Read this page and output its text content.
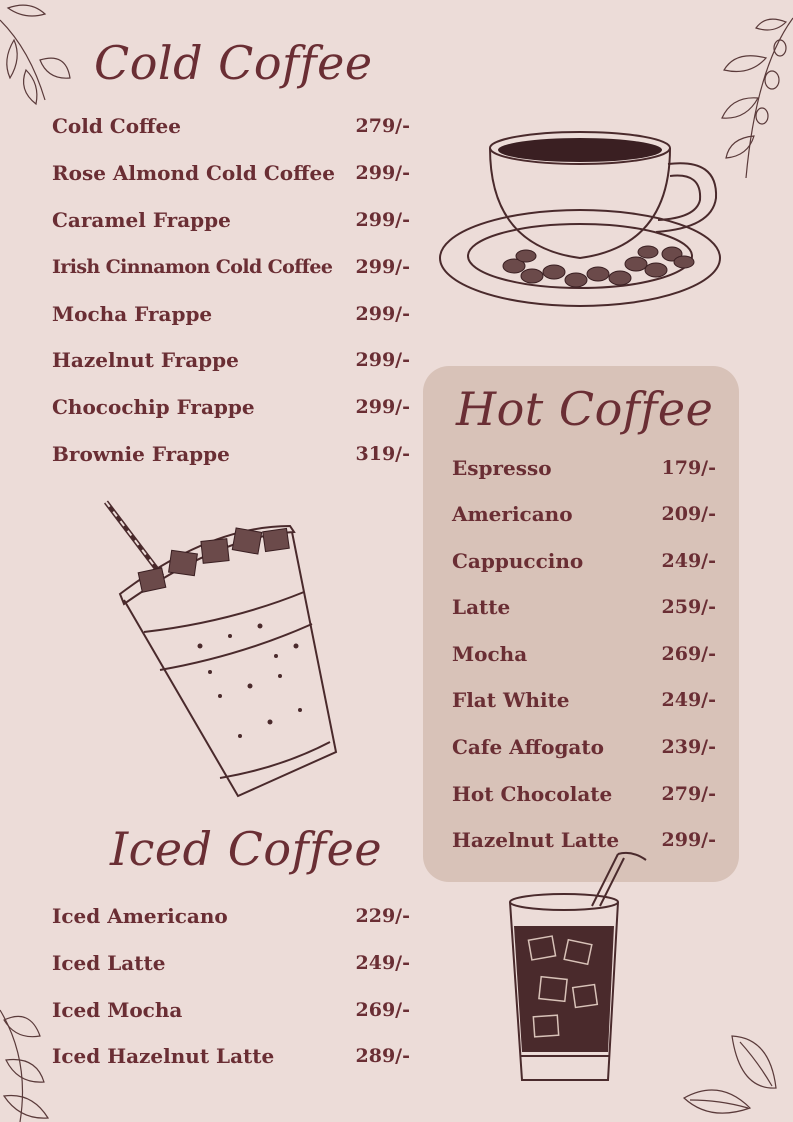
Cold Coffee
Cold Coffee	279/-
Rose Almond Cold Coffee 299/-
Caramel Frappe	299/-
Irish Cinnamon Cold Coffee 299/-
Mocha Frappe	299/-
Hazelnut Frappe	299/-
Chocochip Frappe	299/-
Brownie Frappe	319/-
Hot Coffee
Espresso	179/-
Americano	209/-
Cappuccino	249/-
Latte	259/-
Mocha	269/-
Flat White	249/-
Cafe Affogato	239/-
Hot Chocolate	279/-
Hazelnut Latte 299/-
Iced Coffee
Iced Americano	229/-
Iced Latte	249/-
Iced Mocha	269/-
Iced Hazelnut Latte	289/-
